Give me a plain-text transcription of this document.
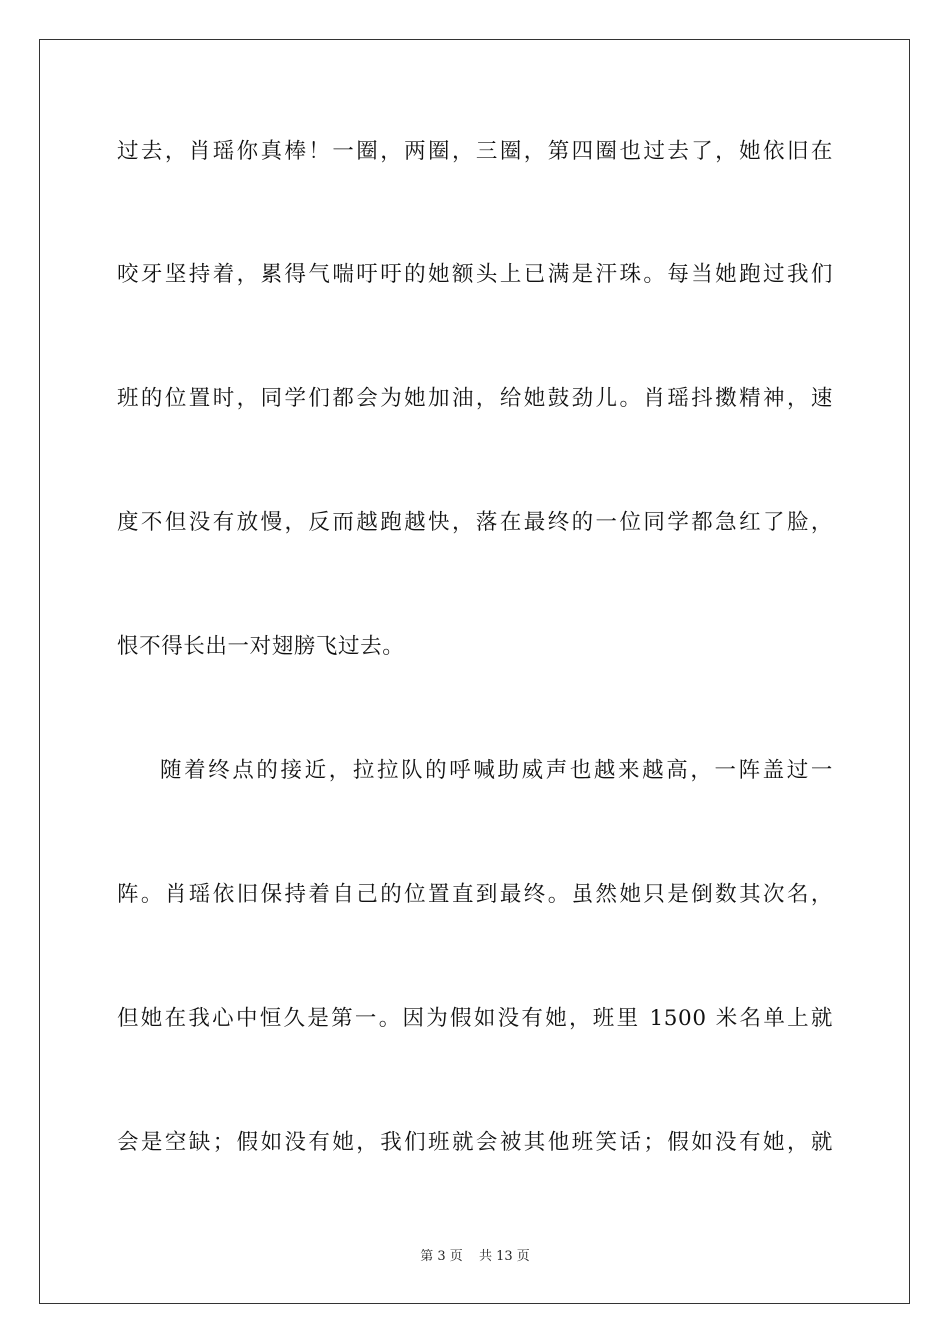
过去，肖瑶你真棒！一圈，两圈，三圈，第四圈也过去了，她依旧在
咬牙坚持着，累得气喘吁吁的她额头上已满是汗珠。每当她跑过我们
班的位置时，同学们都会为她加油，给她鼓劲儿。肖瑶抖擞精神，速
度不但没有放慢，反而越跑越快，落在最终的一位同学都急红了脸，
恨不得长出一对翅膀飞过去。
随着终点的接近，拉拉队的呼喊助威声也越来越高，一阵盖过一
阵。肖瑶依旧保持着自己的位置直到最终。虽然她只是倒数其次名，
但她在我心中恒久是第一。因为假如没有她，班里 1500 米名单上就
会是空缺；假如没有她，我们班就会被其他班笑话；假如没有她，就
第 3 页 共 13 页
